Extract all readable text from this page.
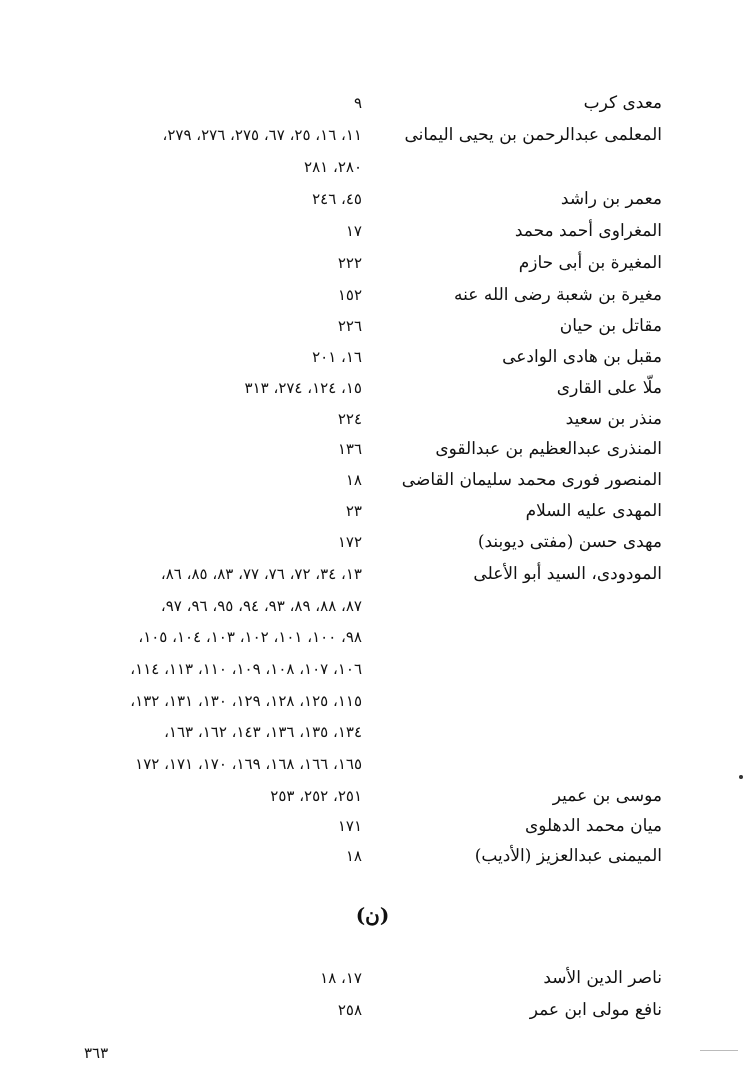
معدى كرب
٩
المعلمى عبدالرحمن بن يحيى اليمانى
١١، ١٦، ٢٥، ٦٧، ٢٧٥، ٢٧٦، ٢٧٩،
٢٨٠، ٢٨١
معمر بن راشد
٤٥، ٢٤٦
المغراوى أحمد محمد
١٧
المغيرة بن أبى حازم
٢٢٢
مغيرة بن شعبة رضى الله عنه
١٥٢
مقاتل بن حيان
٢٢٦
مقبل بن هادى الوادعى
١٦، ٢٠١
ملّا على القارى
١٥، ١٢٤، ٢٧٤، ٣١٣
منذر بن سعيد
٢٢٤
المنذرى عبدالعظيم بن عبدالقوى
١٣٦
المنصور فورى محمد سليمان القاضى
١٨
المهدى عليه السلام
٢٣
مهدى حسن (مفتى ديوبند)
١٧٢
المودودى، السيد أبو الأعلى
١٣، ٣٤، ٧٢، ٧٦، ٧٧، ٨٣، ٨٥، ٨٦،
٨٧، ٨٨، ٨٩، ٩٣، ٩٤، ٩٥، ٩٦، ٩٧،
٩٨، ١٠٠، ١٠١، ١٠٢، ١٠٣، ١٠٤، ١٠٥،
١٠٦، ١٠٧، ١٠٨، ١٠٩، ١١٠، ١١٣، ١١٤،
١١٥، ١٢٥، ١٢٨، ١٢٩، ١٣٠، ١٣١، ١٣٢،
١٣٤، ١٣٥، ١٣٦، ١٤٣، ١٦٢، ١٦٣،
١٦٥، ١٦٦، ١٦٨، ١٦٩، ١٧٠، ١٧١، ١٧٢
موسى بن عمير
٢٥١، ٢٥٢، ٢٥٣
ميان محمد الدهلوى
١٧١
الميمنى عبدالعزيز (الأديب)
١٨
(ن)
ناصر الدين الأسد
١٧، ١٨
نافع مولى ابن عمر
٢٥٨
٣٦٣
